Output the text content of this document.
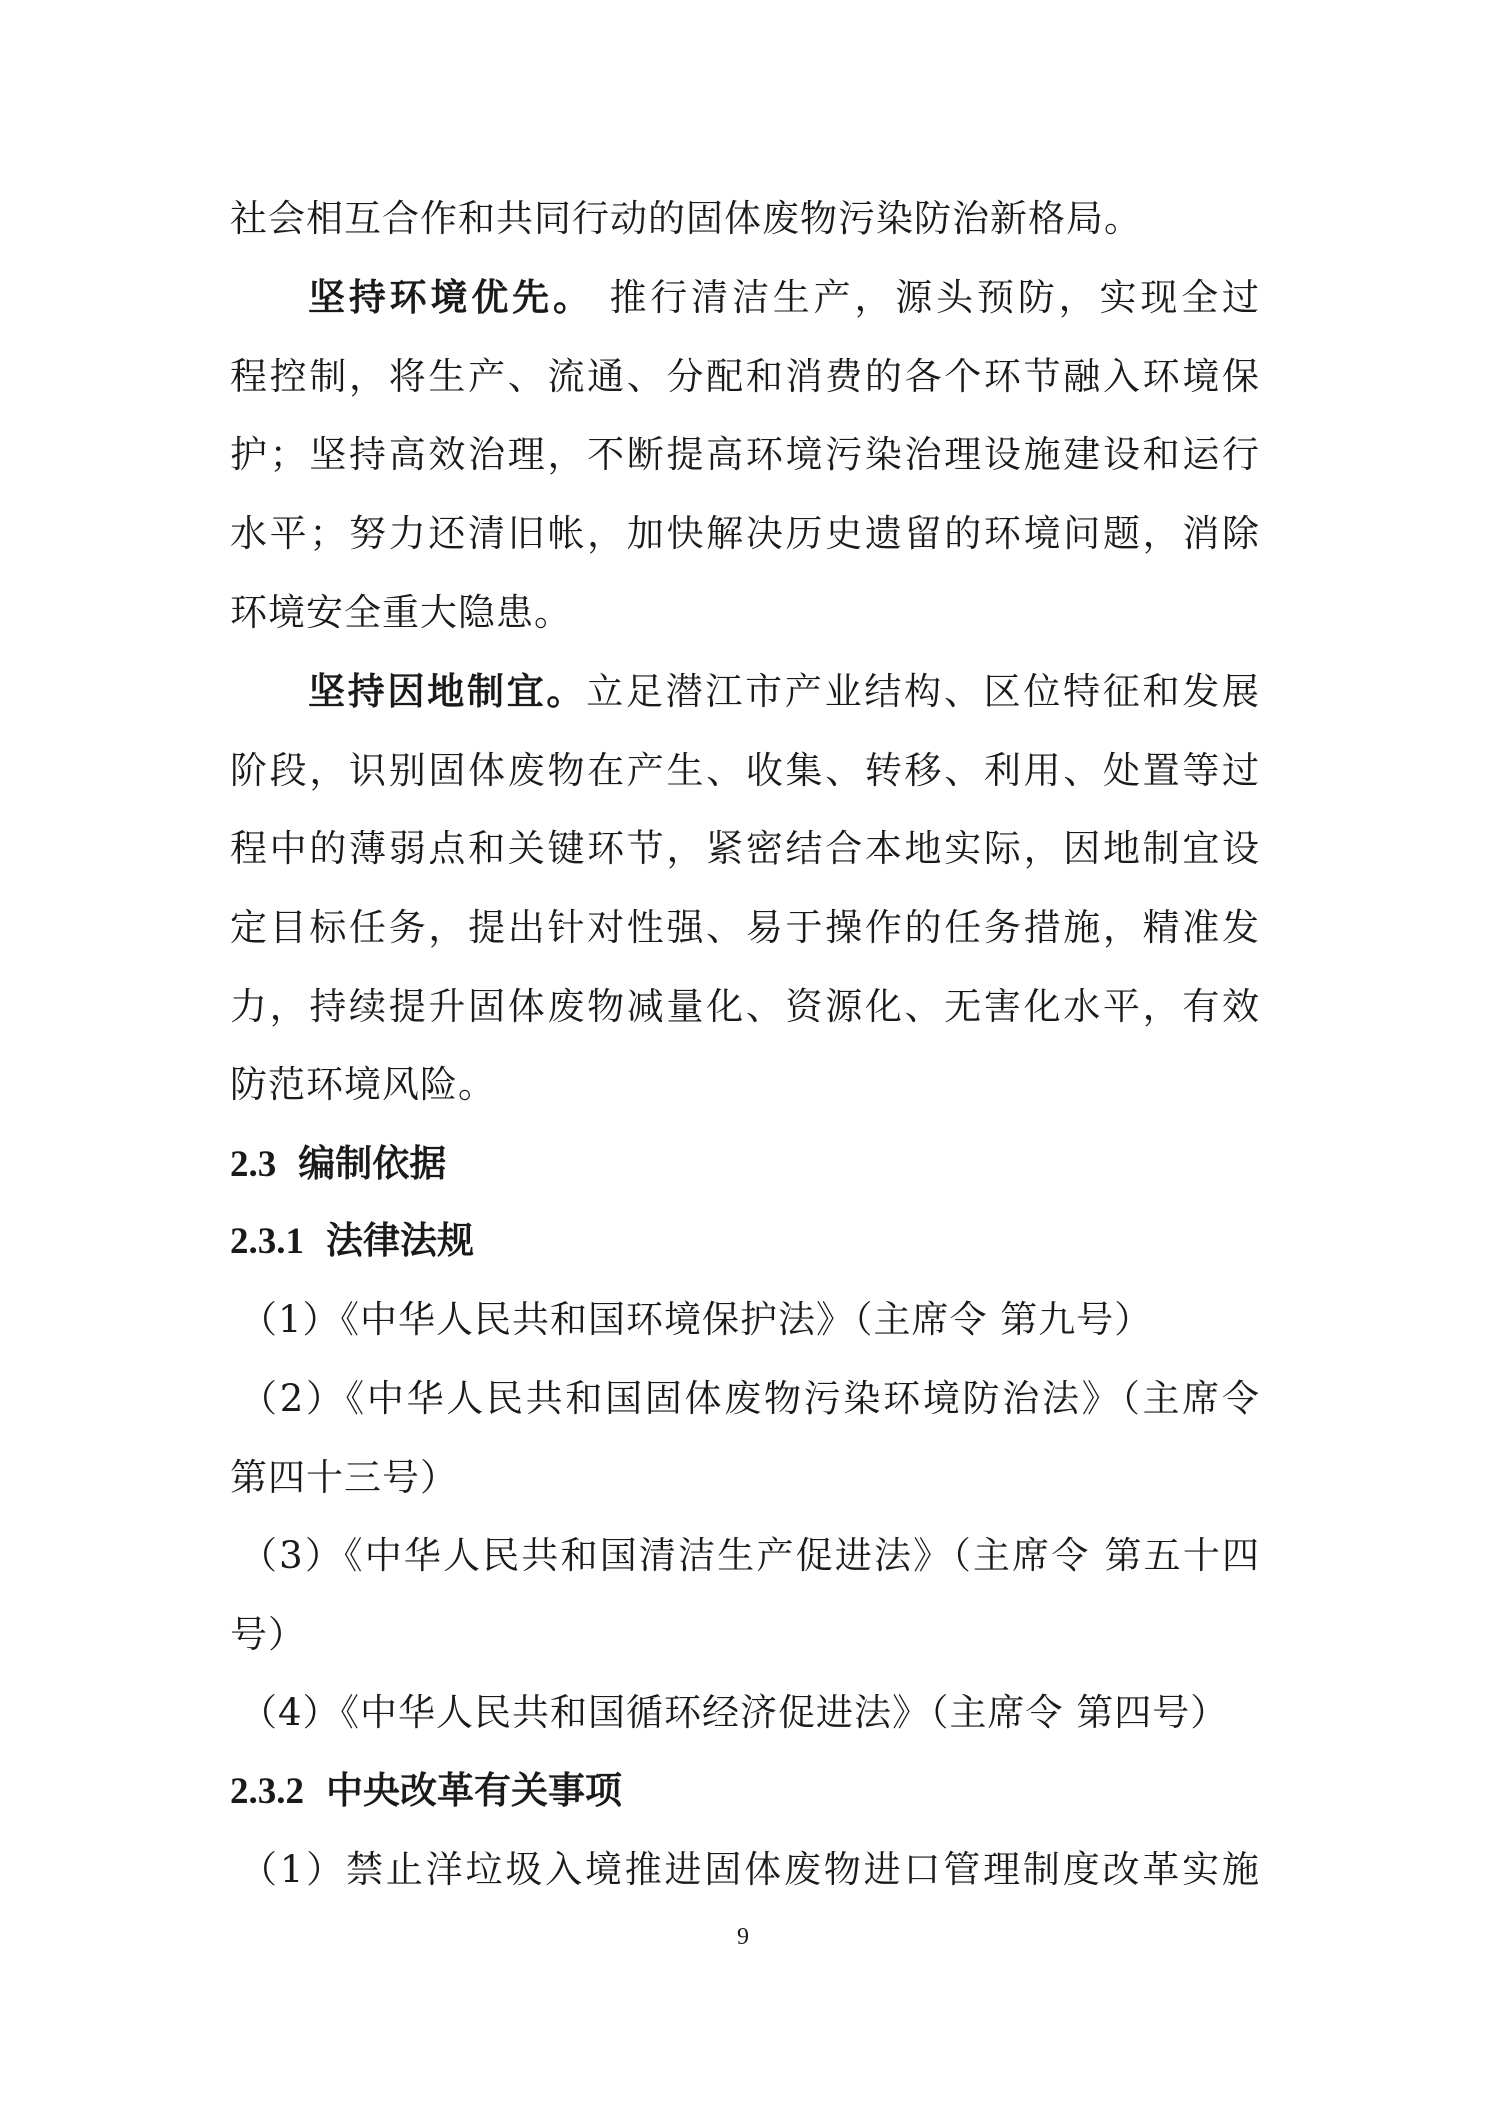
社会相互合作和共同行动的固体废物污染防治新格局。
坚持环境优先。 推行清洁生产，源头预防，实现全过
程控制，将生产、流通、分配和消费的各个环节融入环境保
护；坚持高效治理，不断提高环境污染治理设施建设和运行
水平；努力还清旧帐，加快解决历史遗留的环境问题，消除
环境安全重大隐患。
坚持因地制宜。立足潜江市产业结构、区位特征和发展
阶段，识别固体废物在产生、收集、转移、利用、处置等过
程中的薄弱点和关键环节，紧密结合本地实际，因地制宜设
定目标任务，提出针对性强、易于操作的任务措施，精准发
力，持续提升固体废物减量化、资源化、无害化水平，有效
防范环境风险。
2.3 编制依据
2.3.1 法律法规
（1）《中华人民共和国环境保护法》（主席令 第九号）
（2）《中华人民共和国固体废物污染环境防治法》（主席令
第四十三号）
（3）《中华人民共和国清洁生产促进法》（主席令 第五十四
号）
（4）《中华人民共和国循环经济促进法》（主席令 第四号）
2.3.2 中央改革有关事项
（1）禁止洋垃圾入境推进固体废物进口管理制度改革实施
9
